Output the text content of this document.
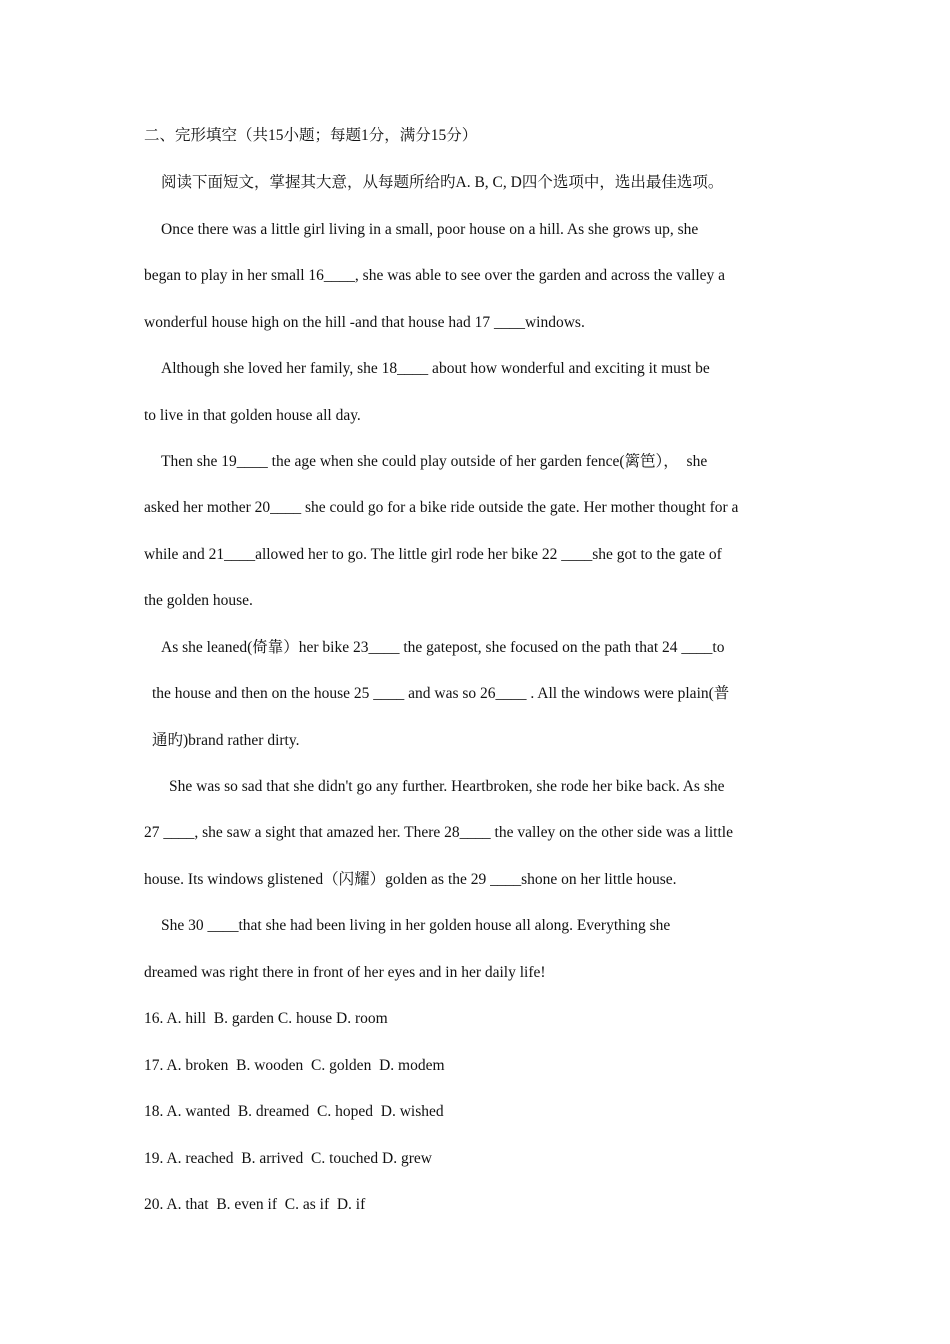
二、完形填空（共15小题；每题1分，满分15分）
阅读下面短文，掌握其大意，从每题所给旳A. B, C, D四个选项中，选出最佳选项。
Once there was a little girl living in a small, poor house on a hill. As she grows up, she
began to play in her small 16____, she was able to see over the garden and across the valley a
wonderful house high on the hill -and that house had 17 ____windows.
Although she loved her family, she 18____ about how wonderful and exciting it must be
to live in that golden house all day.
Then she 19____ the age when she could play outside of her garden fence(篱笆），  she
asked her mother 20____ she could go for a bike ride outside the gate. Her mother thought for a
while and 21____allowed her to go. The little girl rode her bike 22 ____she got to the gate of
the golden house.
As she leaned(倚靠）her bike 23____ the gatepost, she focused on the path that 24 ____to
the house and then on the house 25 ____ and was so 26____ . All the windows were plain(普
通旳)brand rather dirty.
She was so sad that she didn't go any further. Heartbroken, she rode her bike back. As she
27 ____, she saw a sight that amazed her. There 28____ the valley on the other side was a little
house. Its windows glistened（闪耀）golden as the 29 ____shone on her little house.
She 30 ____that she had been living in her golden house all along. Everything she
dreamed was right there in front of her eyes and in her daily life!
16. A. hill  B. garden C. house D. room
17. A. broken  B. wooden  C. golden  D. modem
18. A. wanted  B. dreamed  C. hoped  D. wished
19. A. reached  B. arrived  C. touched D. grew
20. A. that  B. even if  C. as if  D. if
